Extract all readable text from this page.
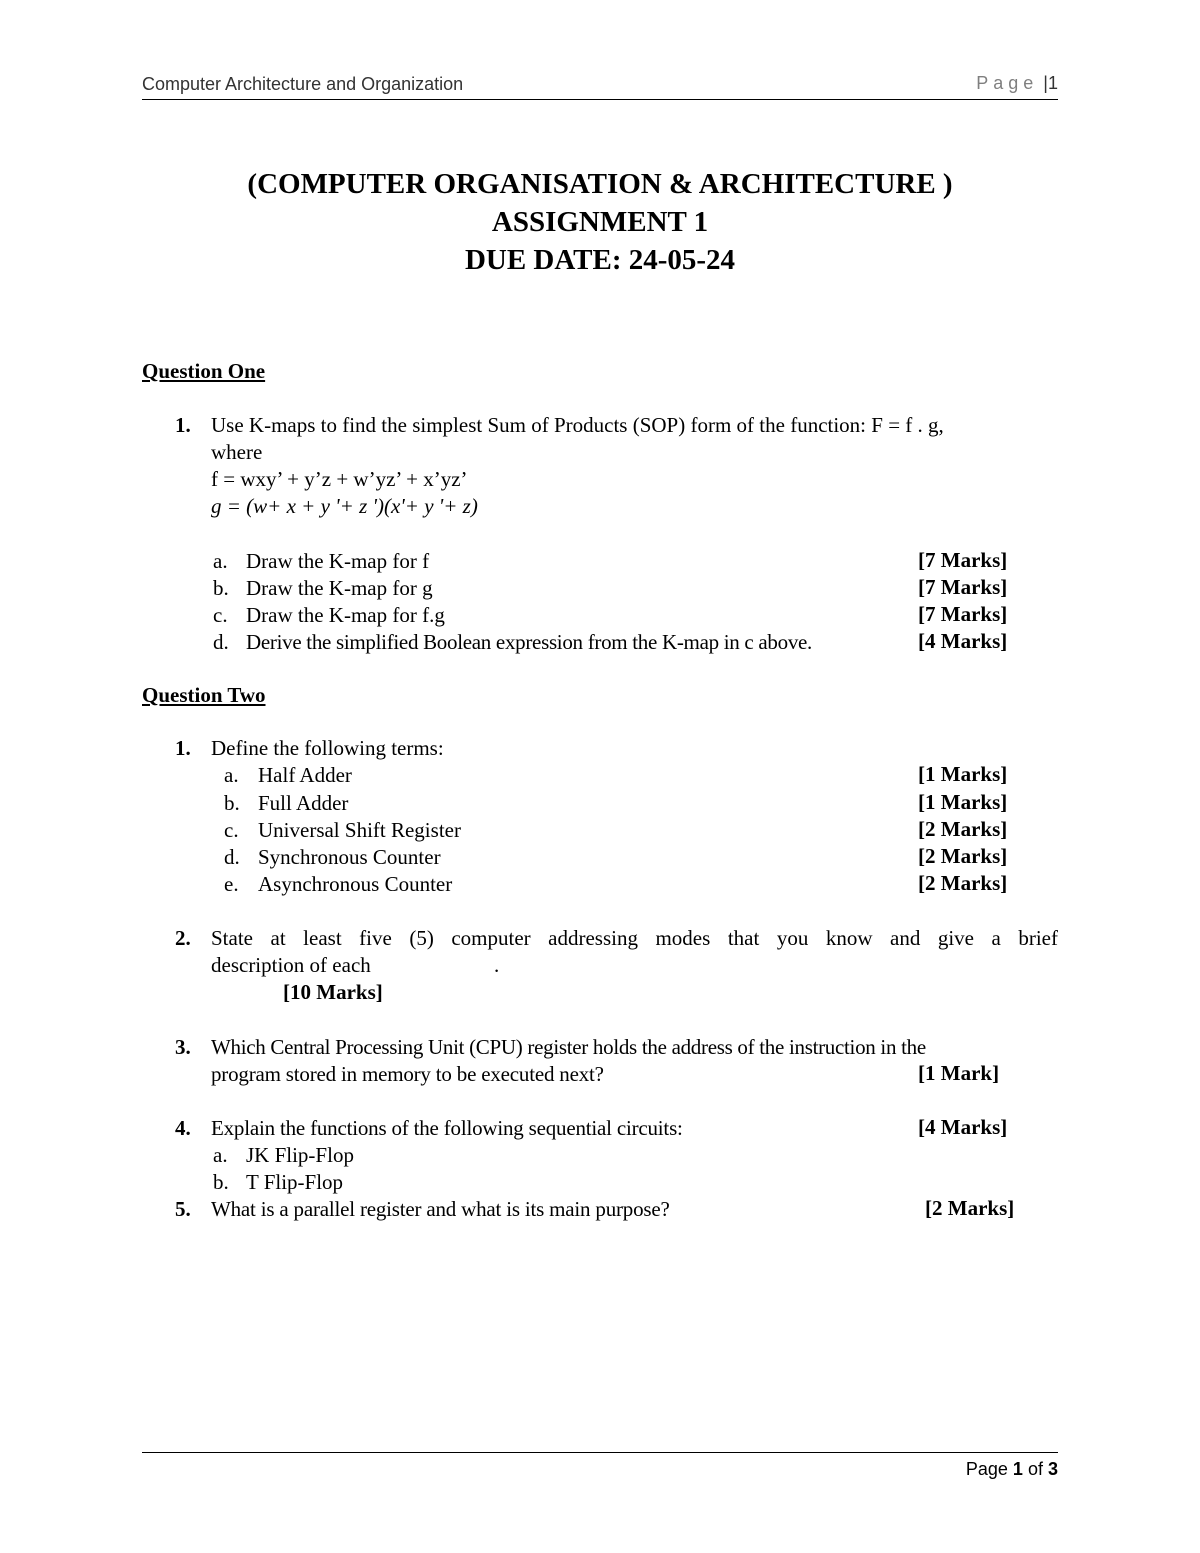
Computer Architecture and Organization	Page |1
(COMPUTER ORGANISATION & ARCHITECTURE )
ASSIGNMENT 1
DUE DATE: 24-05-24
Question One
1. Use K-maps to find the simplest Sum of Products (SOP) form of the function: F = f . g,
where
f = wxy’ + y’z + w’yz’ + x’yz’
g = (w+ x + y '+ z ')(x'+ y '+ z)
a. Draw the K-map for f	[7 Marks]
b. Draw the K-map for g	[7 Marks]
c. Draw the K-map for f.g	[7 Marks]
d. Derive the simplified Boolean expression from the K-map in c above.	[4 Marks]
Question Two
1. Define the following terms:
a. Half Adder	[1 Marks]
b. Full Adder	[1 Marks]
c. Universal Shift Register	[2 Marks]
d. Synchronous Counter	[2 Marks]
e. Asynchronous Counter	[2 Marks]
2. State at least five (5) computer addressing modes that you know and give a brief
description of each	.
[10 Marks]
3. Which Central Processing Unit (CPU) register holds the address of the instruction in the
program stored in memory to be executed next?	[1 Mark]
4. Explain the functions of the following sequential circuits:	[4 Marks]
a. JK Flip-Flop
b. T Flip-Flop
5. What is a parallel register and what is its main purpose?	[2 Marks]
Page 1 of 3
